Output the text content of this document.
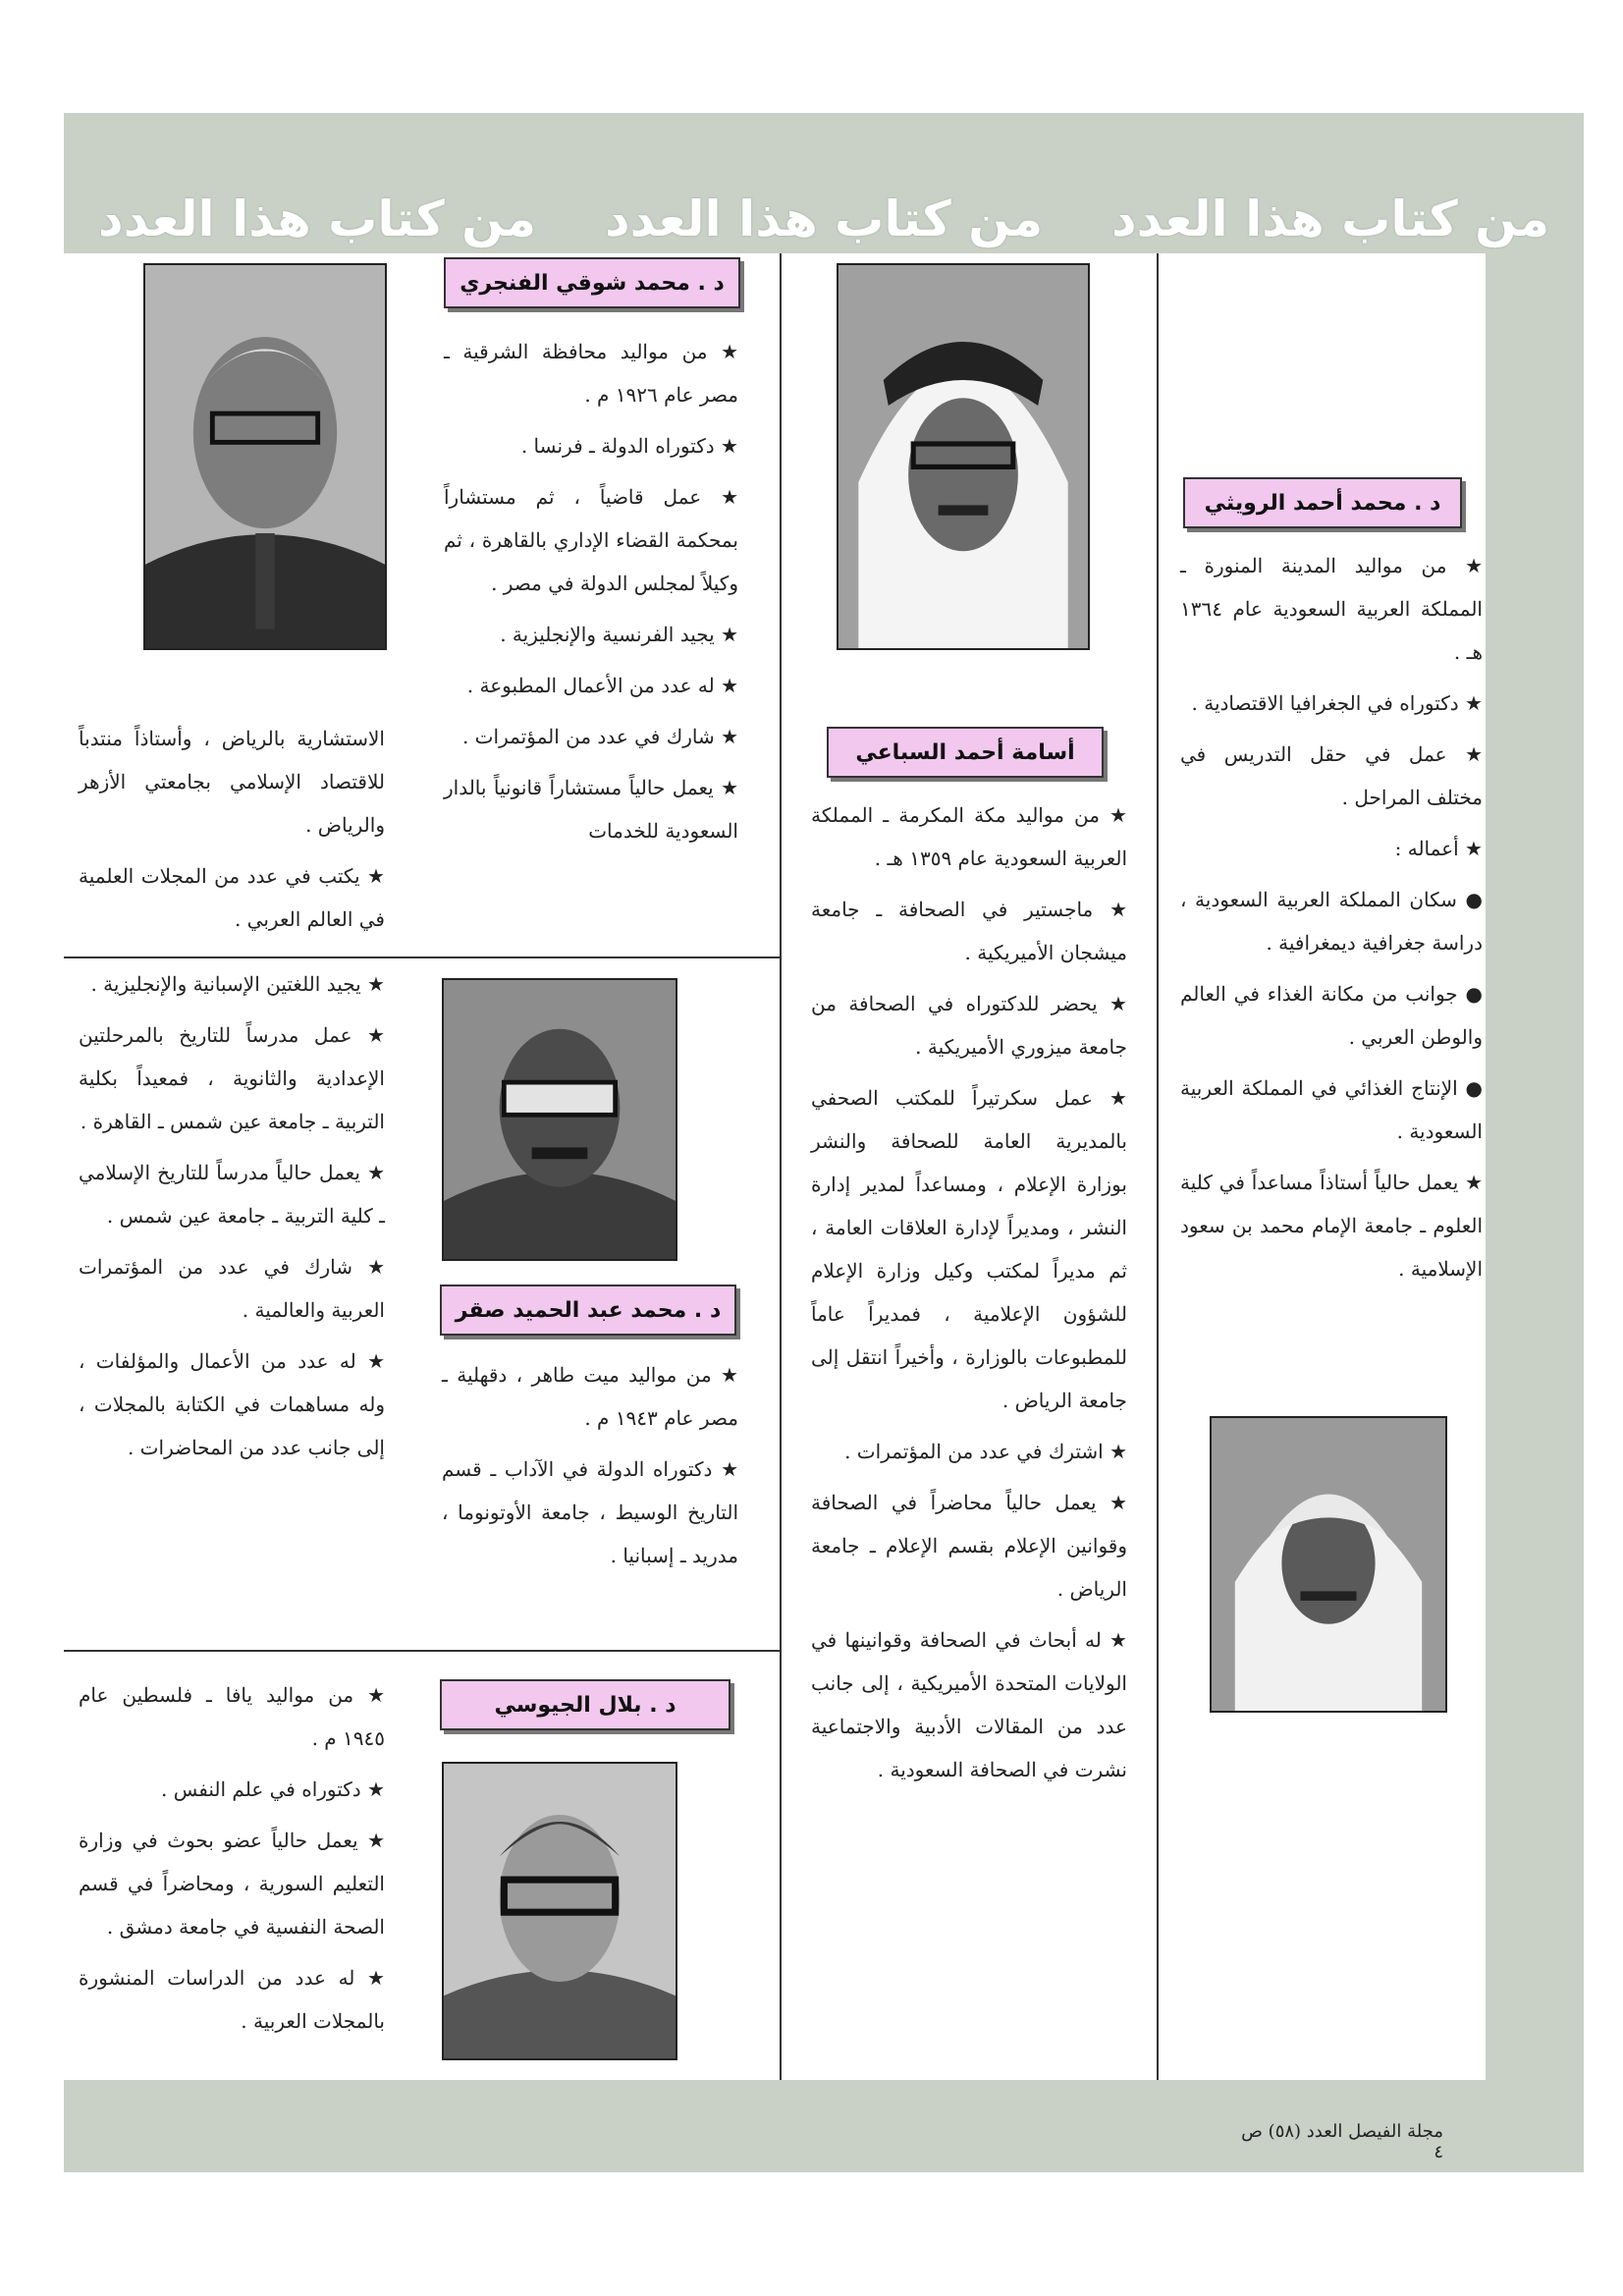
من كتاب هذا العدد
من كتاب هذا العدد
من كتاب هذا العدد
د . محمد أحمد الرويثي

★ من مواليد المدينة المنورة ـ المملكة العربية السعودية عام ١٣٦٤ هـ .

★ دكتوراه في الجغرافيا الاقتصادية .

★ عمل في حقل التدريس في مختلف المراحل .

★ أعماله :

● سكان المملكة العربية السعودية ، دراسة جغرافية ديمغرافية .

● جوانب من مكانة الغذاء في العالم والوطن العربي .

● الإنتاج الغذائي في المملكة العربية السعودية .

★ يعمل حالياً أستاذاً مساعداً في كلية العلوم ـ جامعة الإمام محمد بن سعود الإسلامية .

أسامة أحمد السباعي

★ من مواليد مكة المكرمة ـ المملكة العربية السعودية عام ١٣٥٩ هـ .

★ ماجستير في الصحافة ـ جامعة ميشجان الأميريكية .

★ يحضر للدكتوراه في الصحافة من جامعة ميزوري الأميريكية .

★ عمل سكرتيراً للمكتب الصحفي بالمديرية العامة للصحافة والنشر بوزارة الإعلام ، ومساعداً لمدير إدارة النشر ، ومديراً لإدارة العلاقات العامة ، ثم مديراً لمكتب وكيل وزارة الإعلام للشؤون الإعلامية ، فمديراً عاماً للمطبوعات بالوزارة ، وأخيراً انتقل إلى جامعة الرياض .

★ اشترك في عدد من المؤتمرات .

★ يعمل حالياً محاضراً في الصحافة وقوانين الإعلام بقسم الإعلام ـ جامعة الرياض .

★ له أبحاث في الصحافة وقوانينها في الولايات المتحدة الأميريكية ، إلى جانب عدد من المقالات الأدبية والاجتماعية نشرت في الصحافة السعودية .

د . محمد شوقي الفنجري

★ من مواليد محافظة الشرقية ـ مصر عام ١٩٢٦ م .

★ دكتوراه الدولة ـ فرنسا .

★ عمل قاضياً ، ثم مستشاراً بمحكمة القضاء الإداري بالقاهرة ، ثم وكيلاً لمجلس الدولة في مصر .

★ يجيد الفرنسية والإنجليزية .

★ له عدد من الأعمال المطبوعة .

★ شارك في عدد من المؤتمرات .

★ يعمل حالياً مستشاراً قانونياً بالدار السعودية للخدمات

الاستشارية بالرياض ، وأستاذاً منتدباً للاقتصاد الإسلامي بجامعتي الأزهر والرياض .

★ يكتب في عدد من المجلات العلمية في العالم العربي .

★ يجيد اللغتين الإسبانية والإنجليزية .

★ عمل مدرساً للتاريخ بالمرحلتين الإعدادية والثانوية ، فمعيداً بكلية التربية ـ جامعة عين شمس ـ القاهرة .

★ يعمل حالياً مدرساً للتاريخ الإسلامي ـ كلية التربية ـ جامعة عين شمس .

★ شارك في عدد من المؤتمرات العربية والعالمية .

★ له عدد من الأعمال والمؤلفات ، وله مساهمات في الكتابة بالمجلات ، إلى جانب عدد من المحاضرات .

د . محمد عبد الحميد صقر

★ من مواليد ميت طاهر ، دقهلية ـ مصر عام ١٩٤٣ م .

★ دكتوراه الدولة في الآداب ـ قسم التاريخ الوسيط ، جامعة الأوتونوما ، مدريد ـ إسبانيا .

★ من مواليد يافا ـ فلسطين عام ١٩٤٥ م .

★ دكتوراه في علم النفس .

★ يعمل حالياً عضو بحوث في وزارة التعليم السورية ، ومحاضراً في قسم الصحة النفسية في جامعة دمشق .

★ له عدد من الدراسات المنشورة بالمجلات العربية .

د . بلال الجيوسي
مجلة الفيصل العدد (٥٨) ص ٤
